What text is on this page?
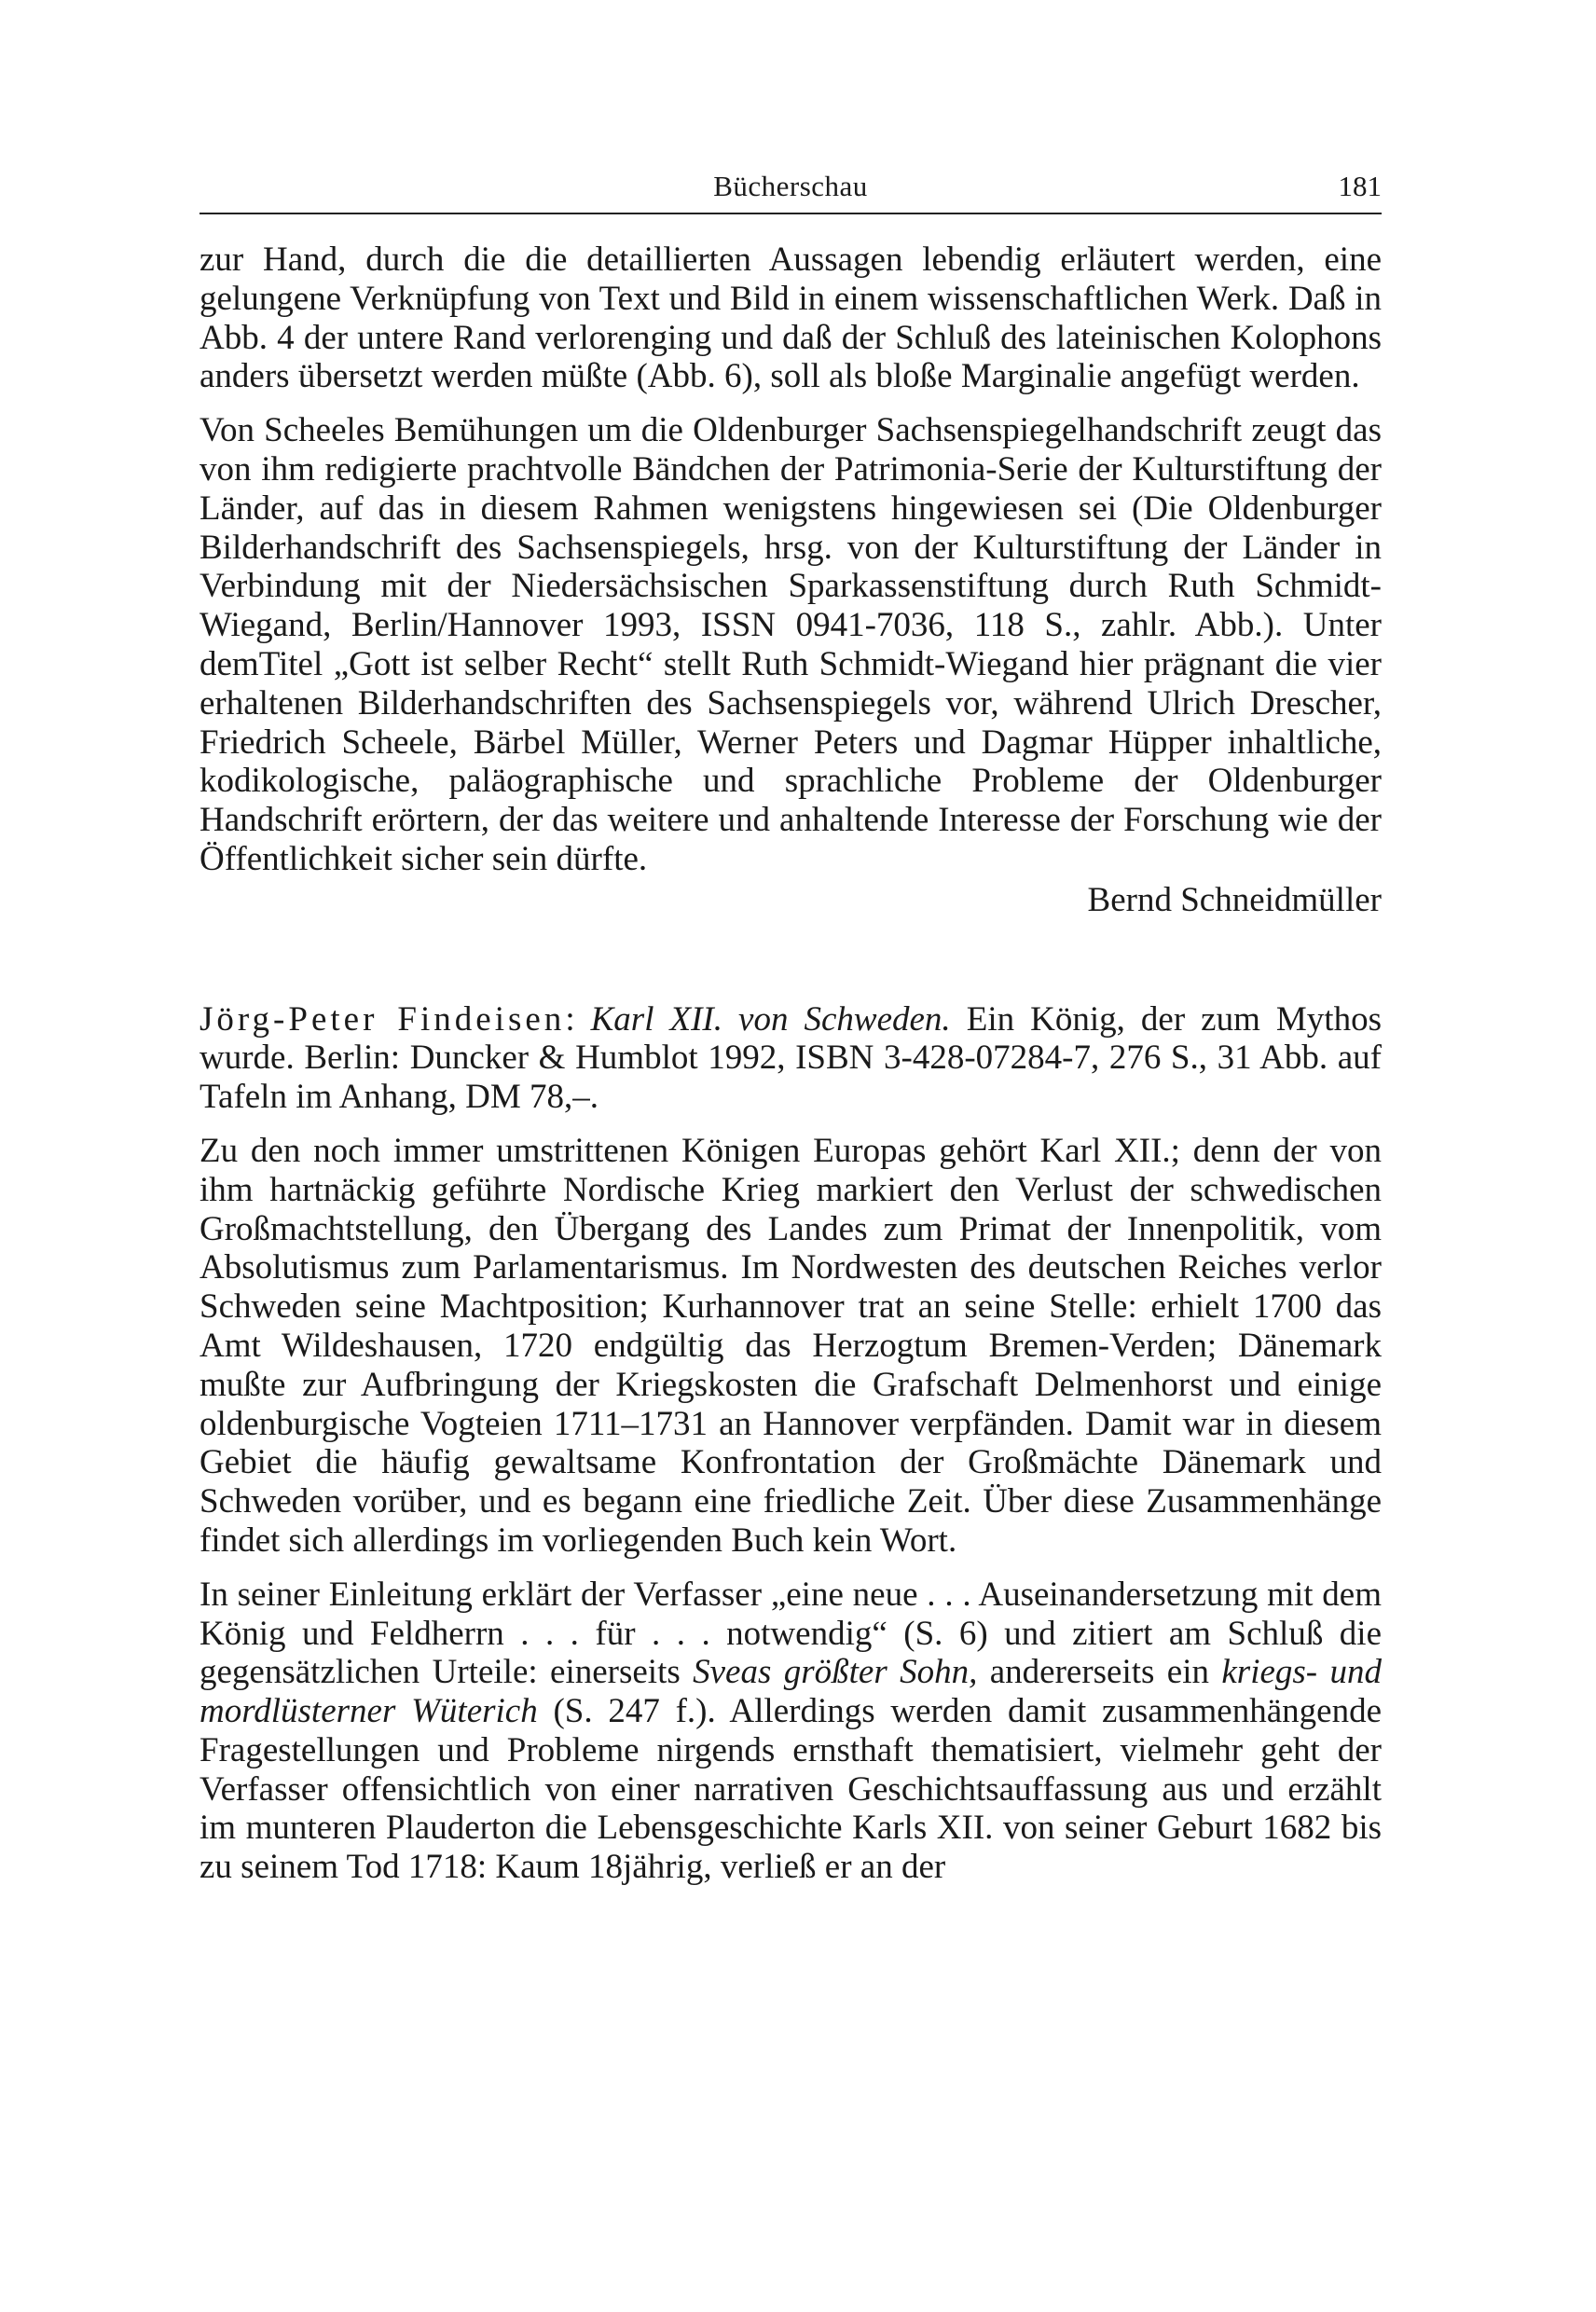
Bücherschau	181

zur Hand, durch die die detaillierten Aussagen lebendig erläutert werden, eine gelungene Verknüpfung von Text und Bild in einem wissenschaftlichen Werk. Daß in Abb. 4 der untere Rand verlorenging und daß der Schluß des lateinischen Kolophons anders übersetzt werden müßte (Abb. 6), soll als bloße Marginalie angefügt werden.

Von Scheeles Bemühungen um die Oldenburger Sachsenspiegelhandschrift zeugt das von ihm redigierte prachtvolle Bändchen der Patrimonia-Serie der Kulturstiftung der Länder, auf das in diesem Rahmen wenigstens hingewiesen sei (Die Oldenburger Bilderhandschrift des Sachsenspiegels, hrsg. von der Kulturstiftung der Länder in Verbindung mit der Niedersächsischen Sparkassenstiftung durch Ruth Schmidt-Wiegand, Berlin/Hannover 1993, ISSN 0941-7036, 118 S., zahlr. Abb.). Unter demTitel „Gott ist selber Recht“ stellt Ruth Schmidt-Wiegand hier prägnant die vier erhaltenen Bilderhandschriften des Sachsenspiegels vor, während Ulrich Drescher, Friedrich Scheele, Bärbel Müller, Werner Peters und Dagmar Hüpper inhaltliche, kodikologische, paläographische und sprachliche Probleme der Oldenburger Handschrift erörtern, der das weitere und anhaltende Interesse der Forschung wie der Öffentlichkeit sicher sein dürfte.

Bernd Schneidmüller

Jörg-Peter Findeisen: Karl XII. von Schweden. Ein König, der zum Mythos wurde. Berlin: Duncker & Humblot 1992, ISBN 3-428-07284-7, 276 S., 31 Abb. auf Tafeln im Anhang, DM 78,–.

Zu den noch immer umstrittenen Königen Europas gehört Karl XII.; denn der von ihm hartnäckig geführte Nordische Krieg markiert den Verlust der schwedischen Großmachtstellung, den Übergang des Landes zum Primat der Innenpolitik, vom Absolutismus zum Parlamentarismus. Im Nordwesten des deutschen Reiches verlor Schweden seine Machtposition; Kurhannover trat an seine Stelle: erhielt 1700 das Amt Wildeshausen, 1720 endgültig das Herzogtum Bremen-Verden; Dänemark mußte zur Aufbringung der Kriegskosten die Grafschaft Delmenhorst und einige oldenburgische Vogteien 1711–1731 an Hannover verpfänden. Damit war in diesem Gebiet die häufig gewaltsame Konfrontation der Großmächte Dänemark und Schweden vorüber, und es begann eine friedliche Zeit. Über diese Zusammenhänge findet sich allerdings im vorliegenden Buch kein Wort.

In seiner Einleitung erklärt der Verfasser „eine neue . . . Auseinandersetzung mit dem König und Feldherrn . . . für . . . notwendig“ (S. 6) und zitiert am Schluß die gegensätzlichen Urteile: einerseits Sveas größter Sohn, andererseits ein kriegs- und mordlüsterner Wüterich (S. 247 f.). Allerdings werden damit zusammenhängende Fragestellungen und Probleme nirgends ernsthaft thematisiert, vielmehr geht der Verfasser offensichtlich von einer narrativen Geschichtsauffassung aus und erzählt im munteren Plauderton die Lebensgeschichte Karls XII. von seiner Geburt 1682 bis zu seinem Tod 1718: Kaum 18jährig, verließ er an der
